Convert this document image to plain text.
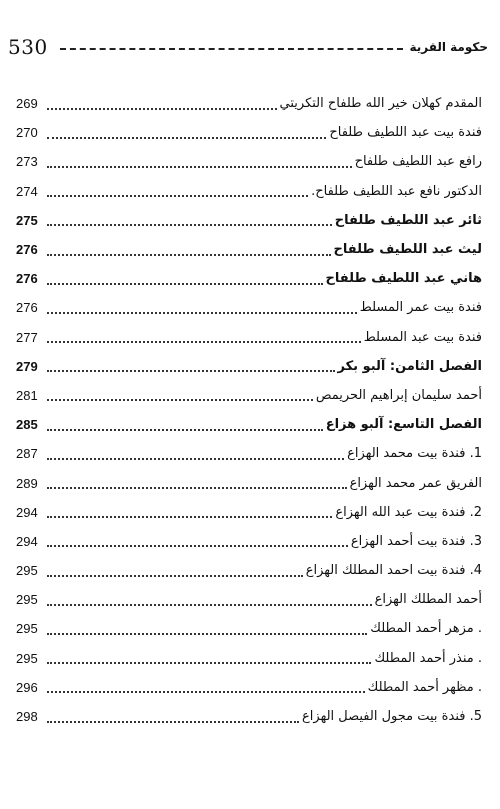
530	حكومة القرية
المقدم كهلان خير الله طلفاح التكريتي
269
فندة بيت عبد اللطيف طلفاح
270
رافع عبد اللطيف طلفاح
273
الدكتور نافع عبد اللطيف طلفاح.
274
ثائر عبد اللطيف طلفاح
275
ليث عبد اللطيف طلفاح
276
هاني عبد اللطيف طلفاح
276
فندة بيت عمر المسلط
276
فندة بيت عبد المسلط
277
الفصل الثامن: آلبو بكر
279
أحمد سليمان إبراهيم الحريمص
281
الفصل التاسع: آلبو هزاع
285
1. فندة بيت محمد الهزاع
287
الفريق عمر محمد الهزاع
289
2. فندة بيت عبد الله الهزاع
294
3. فندة بيت أحمد الهزاع
294
4. فندة بيت احمد المطلك الهزاع
295
أحمد المطلك الهزاع
295
. مزهر أحمد المطلك
295
. منذر أحمد المطلك
295
. مظهر أحمد المطلك
296
5. فندة بيت مجول الفيصل الهزاع
298
